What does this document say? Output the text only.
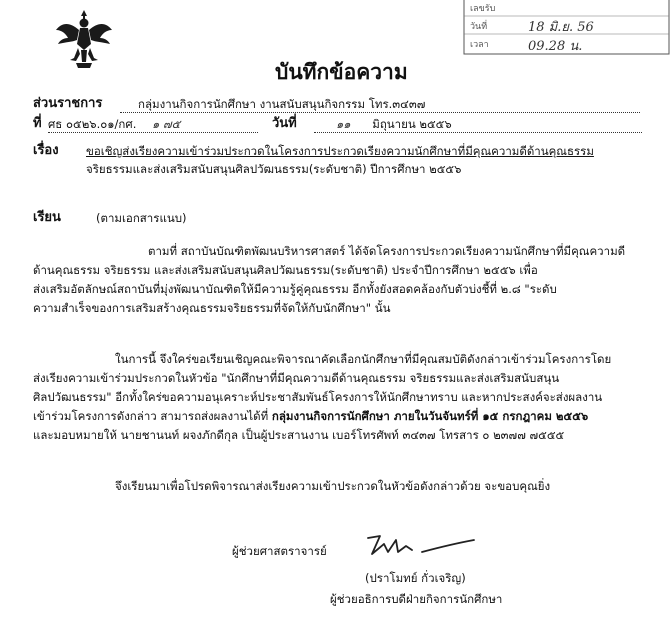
เลขรับ
วันที่	18 มิ.ย. 56
เวลา	09.28 น.
บันทึกข้อความ
ส่วนราชการ	กลุ่มงานกิจการนักศึกษา งานสนับสนุนกิจกรรม โทร.๓๔๓๗
ที่ ศธ ๐๕๒๖.๐๑/กศ. ๑ ๗๕	วันที่	๑๑ มิถุนายน ๒๕๕๖
เรื่อง ขอเชิญส่งเรียงความเข้าร่วมประกวดในโครงการประกวดเรียงความนักศึกษาที่มีคุณความดีด้านคุณธรรม
จริยธรรมและส่งเสริมสนับสนุนศิลปวัฒนธรรม(ระดับชาติ) ปีการศึกษา ๒๕๕๖
เรียน	(ตามเอกสารแนบ)
ตามที่ สถาบันบัณฑิตพัฒนบริหารศาสตร์ ได้จัดโครงการประกวดเรียงความนักศึกษาที่มีคุณความดี
ด้านคุณธรรม จริยธรรม และส่งเสริมสนับสนุนศิลปวัฒนธรรม(ระดับชาติ) ประจำปีการศึกษา ๒๕๕๖ เพื่อ
ส่งเสริมอัตลักษณ์สถาบันที่มุ่งพัฒนาบัณฑิตให้มีความรู้คู่คุณธรรม อีกทั้งยังสอดคล้องกับตัวบ่งชี้ที่ ๒.๘ "ระดับ
ความสำเร็จของการเสริมสร้างคุณธรรมจริยธรรมที่จัดให้กับนักศึกษา" นั้น
ในการนี้ จึงใคร่ขอเรียนเชิญคณะพิจารณาคัดเลือกนักศึกษาที่มีคุณสมบัติดังกล่าวเข้าร่วมโครงการโดย
ส่งเรียงความเข้าร่วมประกวดในหัวข้อ "นักศึกษาที่มีคุณความดีด้านคุณธรรม จริยธรรมและส่งเสริมสนับสนุน
ศิลปวัฒนธรรม" อีกทั้งใคร่ขอความอนุเคราะห์ประชาสัมพันธ์โครงการให้นักศึกษาทราบ และหากประสงค์จะส่งผลงาน
เข้าร่วมโครงการดังกล่าว สามารถส่งผลงานได้ที่ กลุ่มงานกิจการนักศึกษา ภายในวันจันทร์ที่ ๑๕ กรกฎาคม ๒๕๕๖
และมอบหมายให้ นายชานนท์ ผจงภักดีกุล เป็นผู้ประสานงาน เบอร์โทรศัพท์ ๓๔๓๗ โทรสาร ๐ ๒๓๗๗ ๗๕๕๕
จึงเรียนมาเพื่อโปรดพิจารณาส่งเรียงความเข้าประกวดในหัวข้อดังกล่าวด้วย จะขอบคุณยิ่ง
ผู้ช่วยศาสตราจารย์
(ปราโมทย์ กั่วเจริญ)
ผู้ช่วยอธิการบดีฝ่ายกิจการนักศึกษา
